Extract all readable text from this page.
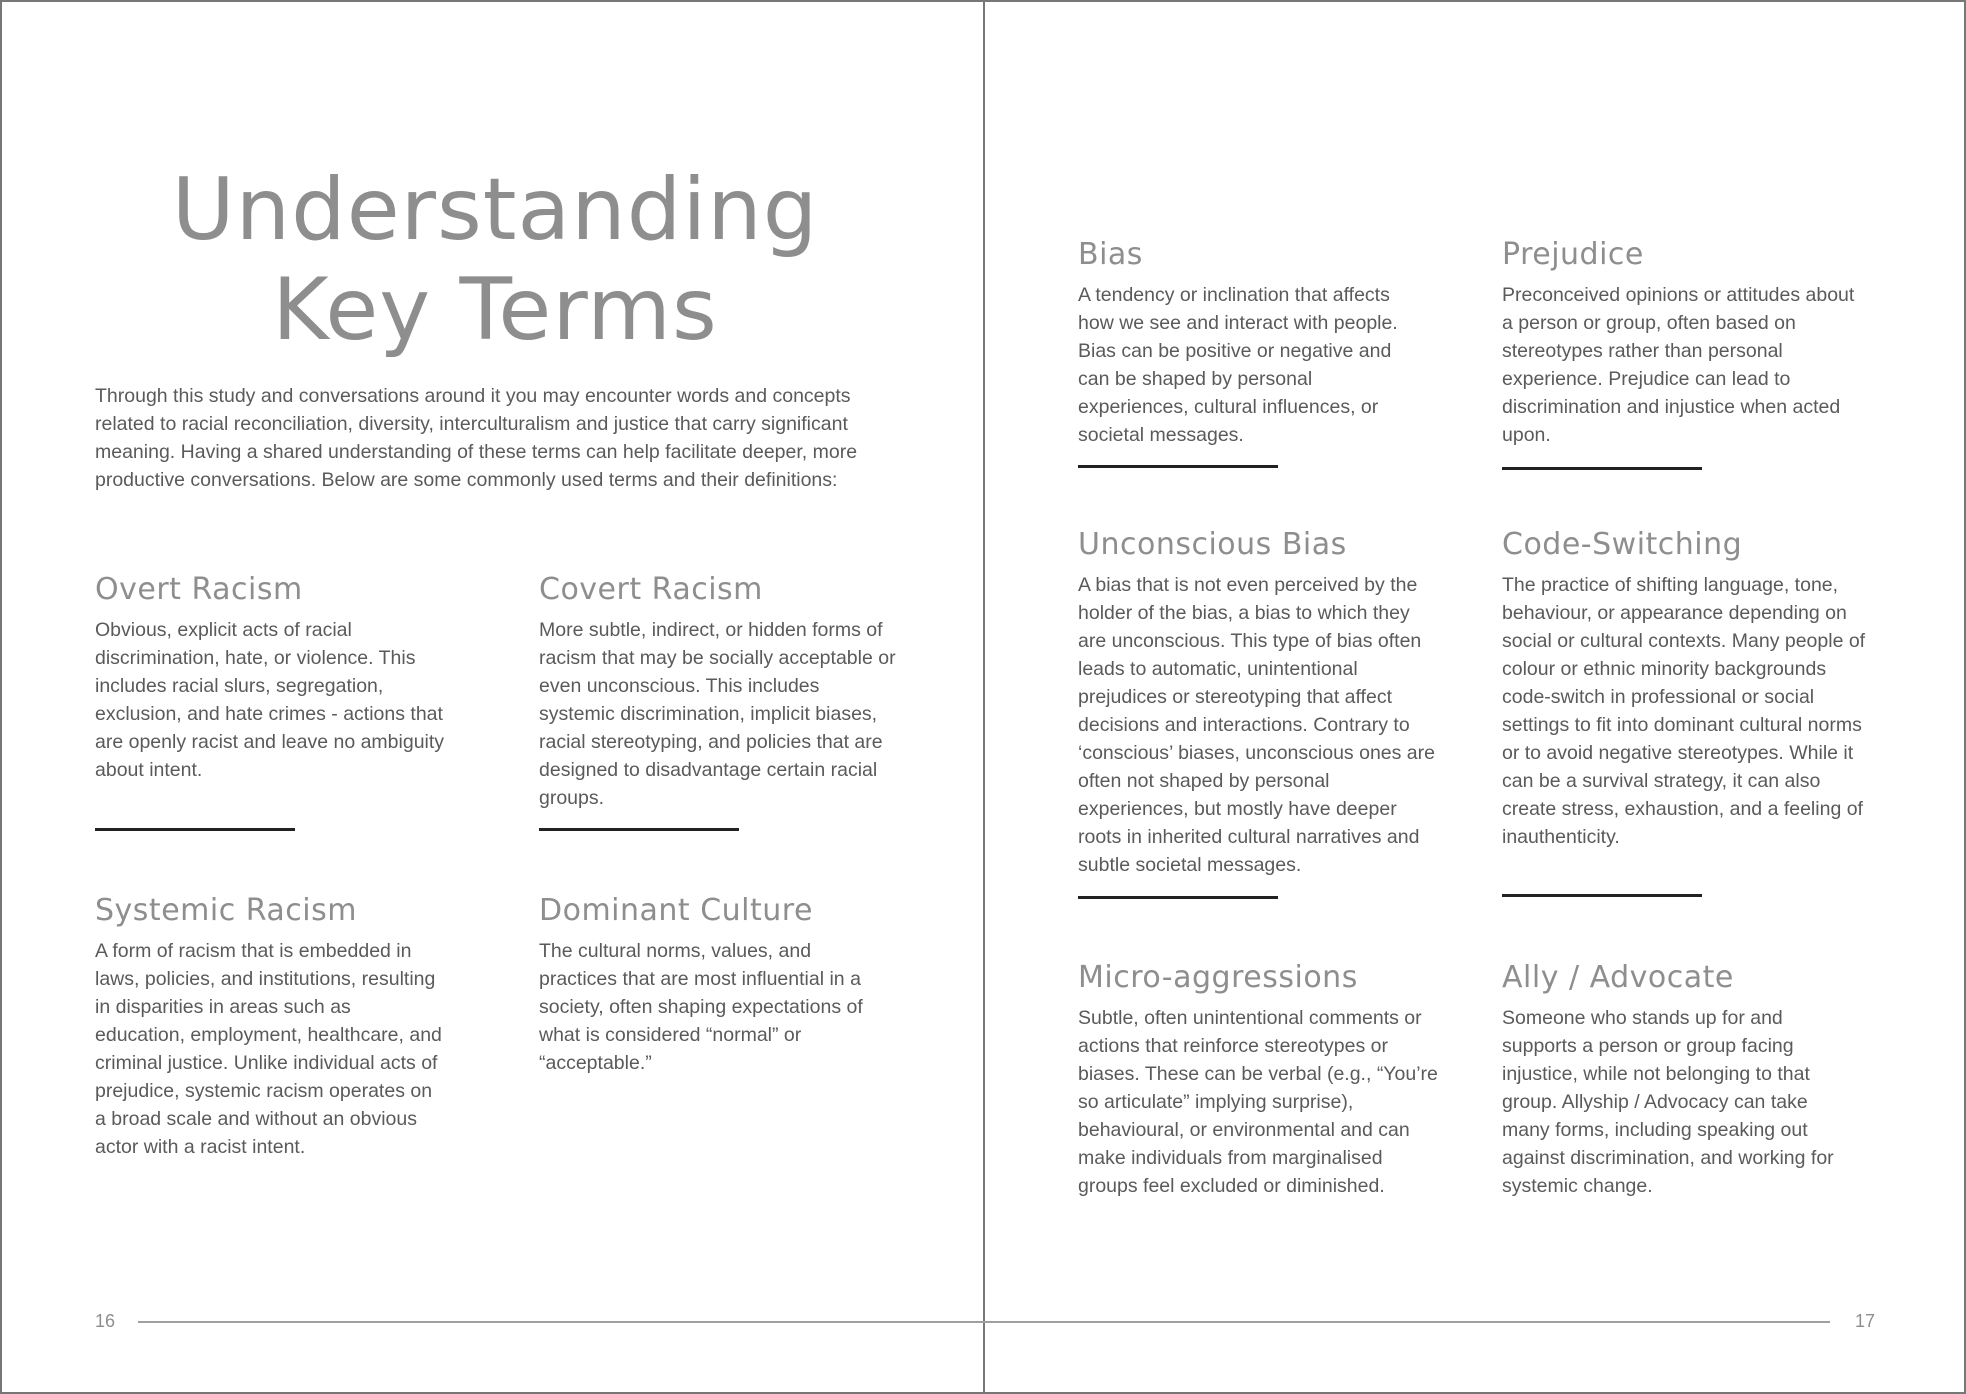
Understanding
Key Terms

Through this study and conversations around it you may encounter words and concepts related to racial reconciliation, diversity, interculturalism and justice that carry significant meaning. Having a shared understanding of these terms can help facilitate deeper, more productive conversations. Below are some commonly used terms and their definitions:

Overt Racism

Obvious, explicit acts of racial discrimination, hate, or violence. This includes racial slurs, segregation, exclusion, and hate crimes - actions that are openly racist and leave no ambiguity about intent.

Covert Racism

More subtle, indirect, or hidden forms of racism that may be socially acceptable or even unconscious. This includes systemic discrimination, implicit biases, racial stereotyping, and policies that are designed to disadvantage certain racial groups.

Systemic Racism

A form of racism that is embedded in laws, policies, and institutions, resulting in disparities in areas such as education, employment, healthcare, and criminal justice. Unlike individual acts of prejudice, systemic racism operates on a broad scale and without an obvious actor with a racist intent.

Dominant Culture

The cultural norms, values, and practices that are most influential in a society, often shaping expectations of what is considered “normal” or “acceptable.”

Bias

A tendency or inclination that affects how we see and interact with people. Bias can be positive or negative and can be shaped by personal experiences, cultural influences, or societal messages.

Prejudice

Preconceived opinions or attitudes about a person or group, often based on stereotypes rather than personal experience. Prejudice can lead to discrimination and injustice when acted upon.

Unconscious Bias

A bias that is not even perceived by the holder of the bias, a bias to which they are unconscious. This type of bias often leads to automatic, unintentional prejudices or stereotyping that affect decisions and interactions. Contrary to ‘conscious’ biases, unconscious ones are often not shaped by personal experiences, but mostly have deeper roots in inherited cultural narratives and subtle societal messages.

Code-Switching

The practice of shifting language, tone, behaviour, or appearance depending on social or cultural contexts. Many people of colour or ethnic minority backgrounds code-switch in professional or social settings to fit into dominant cultural norms or to avoid negative stereotypes. While it can be a survival strategy, it can also create stress, exhaustion, and a feeling of inauthenticity.

Micro-aggressions

Subtle, often unintentional comments or actions that reinforce stereotypes or biases. These can be verbal (e.g., “You’re so articulate” implying surprise), behavioural, or environmental and can make individuals from marginalised groups feel excluded or diminished.

Ally / Advocate

Someone who stands up for and supports a person or group facing injustice, while not belonging to that group. Allyship / Advocacy can take many forms, including speaking out against discrimination, and working for systemic change.

16	17
